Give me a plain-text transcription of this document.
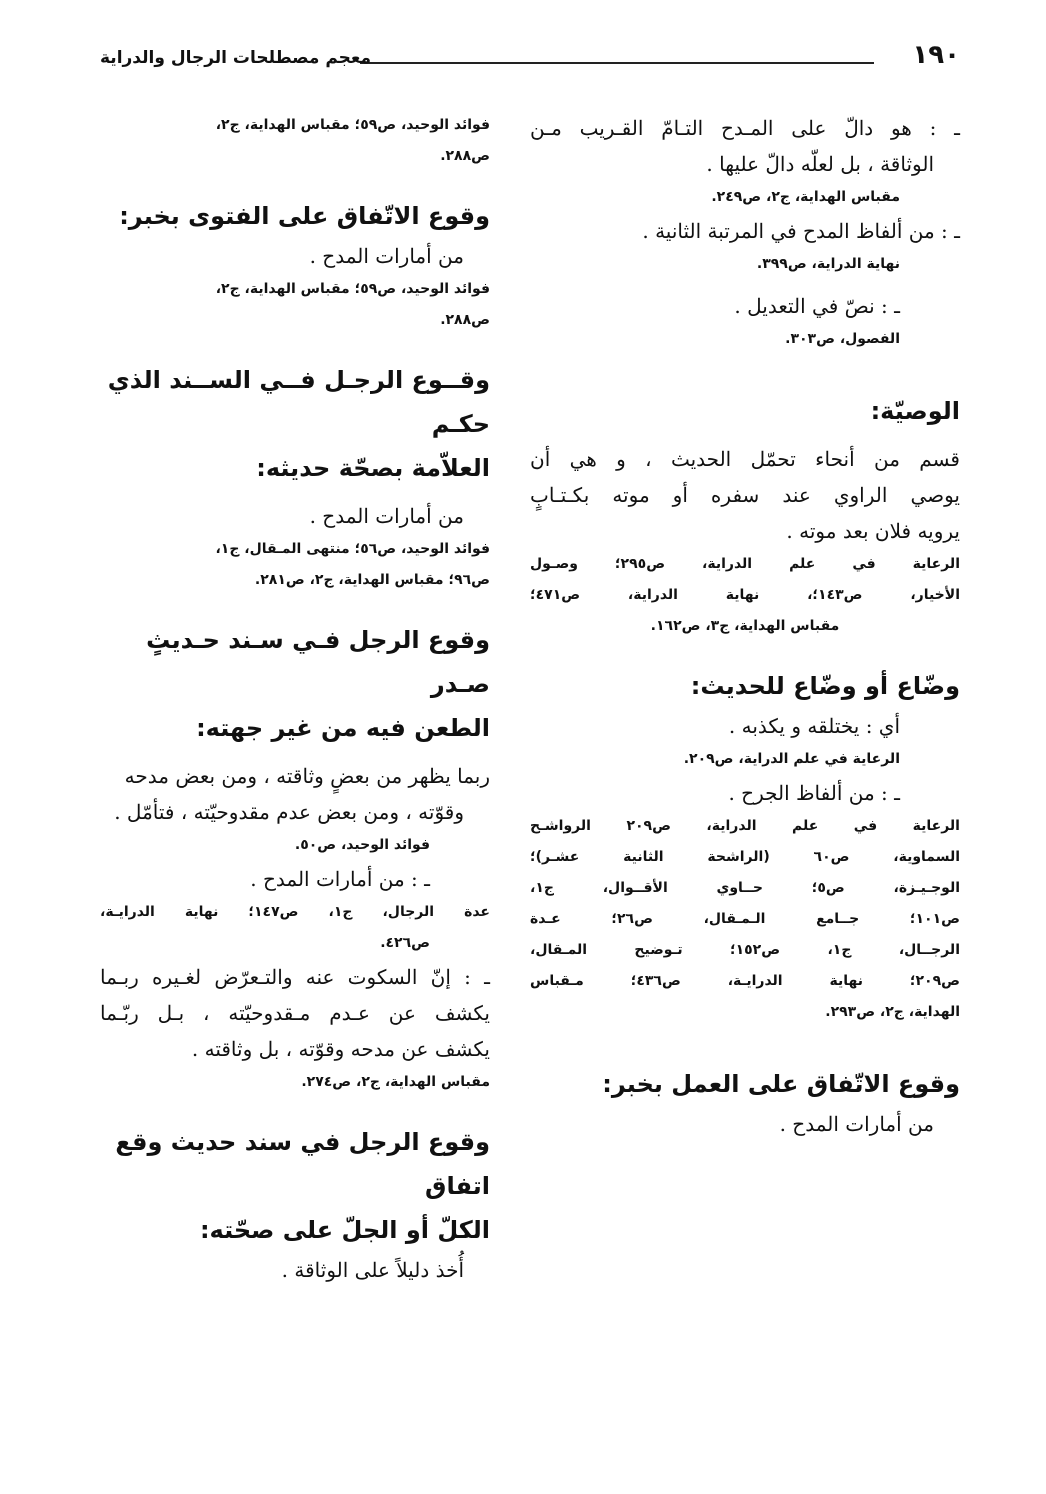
١٩٠
معجم مصطلحات الرجال والدراية
ـ : هو دالّ على المـدح التـامّ القـريب مـن
الوثاقة ، بل لعلّه دالّ عليها .
مقباس الهداية، ج٢، ص٢٤٩.
ـ : من ألفاظ المدح في المرتبة الثانية .
نهاية الدراية، ص٣٩٩.
ـ : نصّ في التعديل .
الفصول، ص٣٠٣.
الوصيّة:
قسم من أنحاء تحمّل الحديث ، و هي أن
يوصي الراوي عند سفره أو موته بكـتـابٍ
يرويه فلان بعد موته .
الرعاية في علم الدراية، ص٢٩٥؛ وصـول
الأخيار، ص١٤٣؛، نهاية الدراية، ص٤٧١؛
مقباس الهداية، ج٣، ص١٦٢.
وضّاع أو وضّاع للحديث:
أي : يختلقه و يكذبه .
الرعاية في علم الدراية، ص٢٠٩.
ـ : من ألفاظ الجرح .
الرعاية في علم الدراية، ص٢٠٩ الرواشـح
السماوية، ص٦٠ (الراشحة الثانية عشـر)؛
الوجـيـزة، ص٥؛ حــاوي الأقــوال، ج١،
ص١٠١؛ جــامع الـمـقال، ص٢٦؛ عـدة
الرجــال، ج١، ص١٥٢؛ تـوضيح المـقال،
ص٢٠٩؛ نهاية الدرايـة، ص٤٣٦؛ مـقباس
الهداية، ج٢، ص٢٩٣.
وقوع الاتّفاق على العمل بخبر:
من أمارات المدح .
فوائد الوحيد، ص٥٩؛ مقباس الهداية، ج٢،
ص٢٨٨.
وقوع الاتّفاق على الفتوى بخبر:
من أمارات المدح .
فوائد الوحيد، ص٥٩؛ مقباس الهداية، ج٢،
ص٢٨٨.
وقــوع الرجـل فــي الســند الذي حكـم
العلاّمة بصحّة حديثه:
من أمارات المدح .
فوائد الوحيد، ص٥٦؛ منتهى المـقال، ج١،
ص٩٦؛ مقباس الهداية، ج٢، ص٢٨١.
وقوع الرجل فـي سـند حـديثٍ صـدر
الطعن فيه من غير جهته:
ربما يظهر من بعضٍ وثاقته ، ومن بعض مدحه
وقوّته ، ومن بعض عدم مقدوحيّته ، فتأمّل .
فوائد الوحيد، ص٥٠.
ـ : من أمارات المدح .
عدة الرجال، ج١، ص١٤٧؛ نهاية الدرايـة،
ص٤٢٦.
ـ : إنّ السكوت عنه والتـعرّض لغـيره ربـما
يكشف عن عـدم مـقدوحيّته ، بـل ربّـما
يكشف عن مدحه وقوّته ، بل وثاقته .
مقباس الهداية، ج٢، ص٢٧٤.
وقوع الرجل في سند حديث وقع اتفاق
الكلّ أو الجلّ على صحّته:
أُخذ دليلاً على الوثاقة .
